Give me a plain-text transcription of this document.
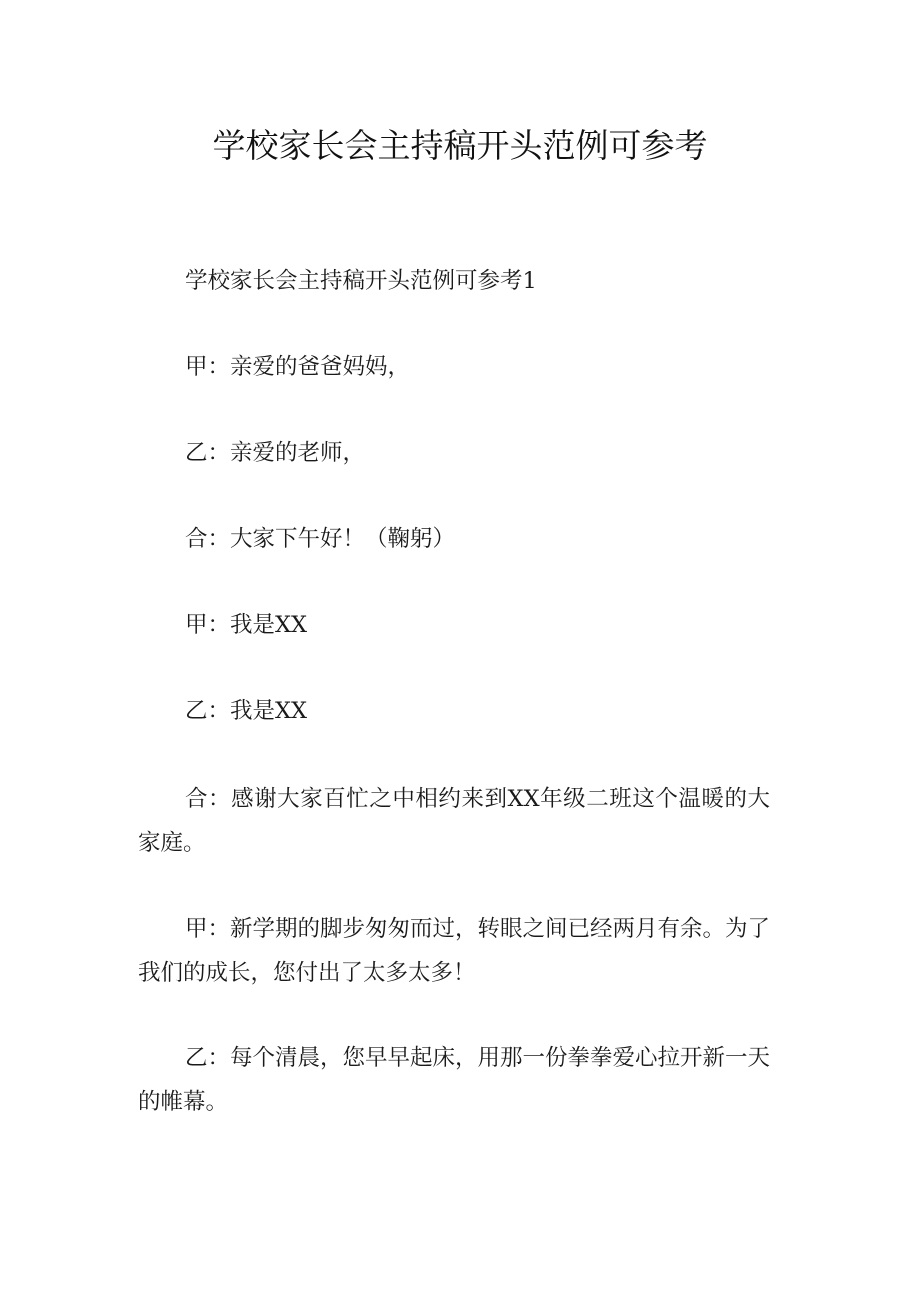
学校家长会主持稿开头范例可参考

学校家长会主持稿开头范例可参考1

甲：亲爱的爸爸妈妈，

乙：亲爱的老师，

合：大家下午好！（鞠躬）

甲：我是XX

乙：我是XX

合：感谢大家百忙之中相约来到XX年级二班这个温暖的大家庭。

甲：新学期的脚步匆匆而过，转眼之间已经两月有余。为了我们的成长，您付出了太多太多！

乙：每个清晨，您早早起床，用那一份拳拳爱心拉开新一天的帷幕。
